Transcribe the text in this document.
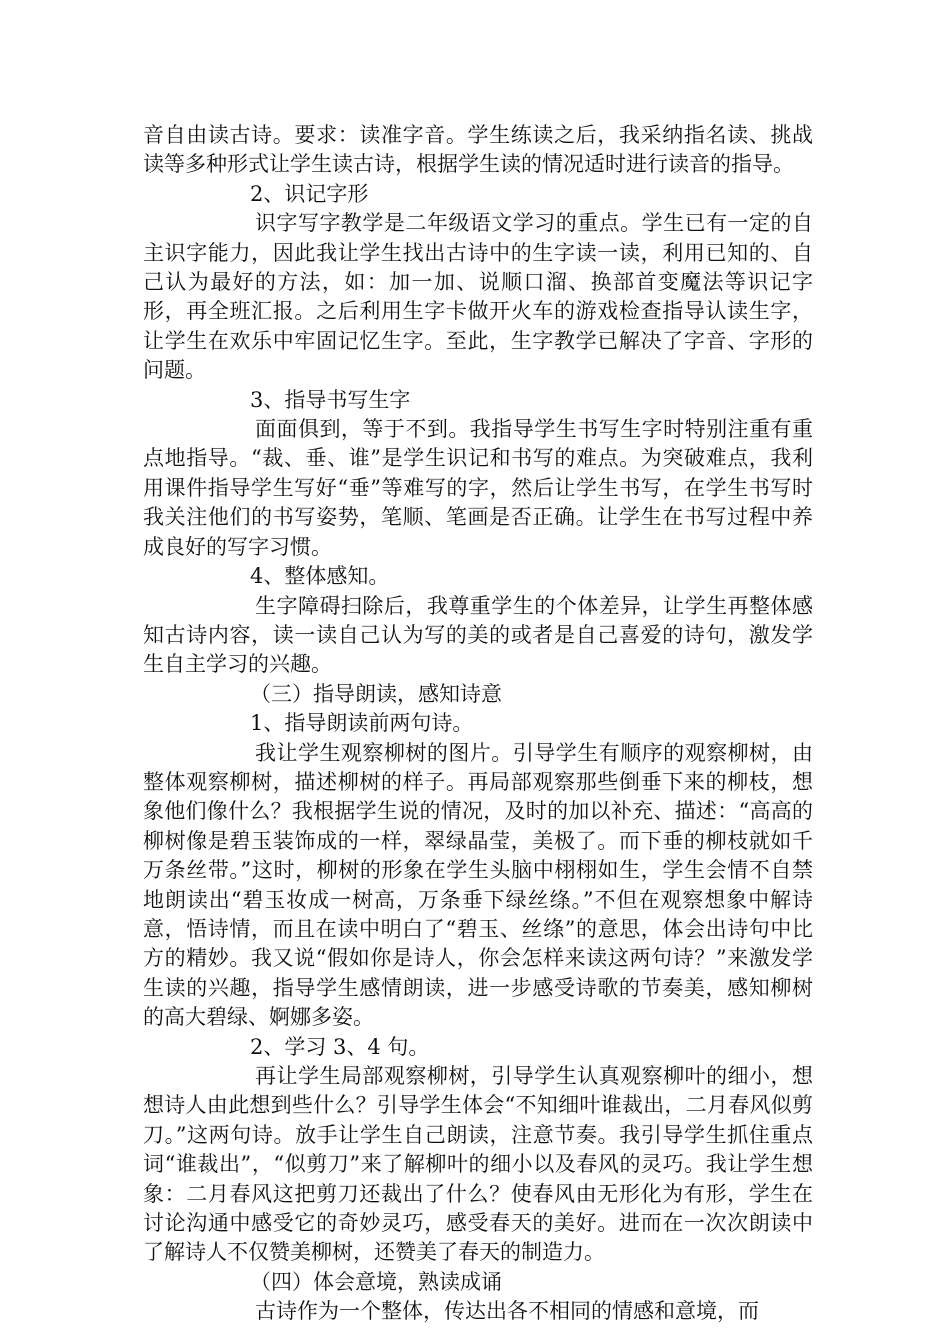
音自由读古诗。要求：读准字音。学生练读之后，我采纳指名读、挑战读等多种形式让学生读古诗，根据学生读的情况适时进行读音的指导。

2、识记字形

识字写字教学是二年级语文学习的重点。学生已有一定的自主识字能力，因此我让学生找出古诗中的生字读一读，利用已知的、自己认为最好的方法，如：加一加、说顺口溜、换部首变魔法等识记字形，再全班汇报。之后利用生字卡做开火车的游戏检查指导认读生字，让学生在欢乐中牢固记忆生字。至此，生字教学已解决了字音、字形的问题。

3、指导书写生字

面面俱到，等于不到。我指导学生书写生字时特别注重有重点地指导。“裁、垂、谁”是学生识记和书写的难点。为突破难点，我利用课件指导学生写好“垂”等难写的字，然后让学生书写，在学生书写时我关注他们的书写姿势，笔顺、笔画是否正确。让学生在书写过程中养成良好的写字习惯。

4、整体感知。

生字障碍扫除后，我尊重学生的个体差异，让学生再整体感知古诗内容，读一读自己认为写的美的或者是自己喜爱的诗句，激发学生自主学习的兴趣。

（三）指导朗读，感知诗意

1、指导朗读前两句诗。

我让学生观察柳树的图片。引导学生有顺序的观察柳树，由整体观察柳树，描述柳树的样子。再局部观察那些倒垂下来的柳枝，想象他们像什么？我根据学生说的情况，及时的加以补充、描述：“高高的柳树像是碧玉装饰成的一样，翠绿晶莹，美极了。而下垂的柳枝就如千万条丝带。”这时，柳树的形象在学生头脑中栩栩如生，学生会情不自禁地朗读出“碧玉妆成一树高，万条垂下绿丝绦。”不但在观察想象中解诗意，悟诗情，而且在读中明白了“碧玉、丝绦”的意思，体会出诗句中比方的精妙。我又说“假如你是诗人，你会怎样来读这两句诗？”来激发学生读的兴趣，指导学生感情朗读，进一步感受诗歌的节奏美，感知柳树的高大碧绿、婀娜多姿。

2、学习 3、4 句。

再让学生局部观察柳树，引导学生认真观察柳叶的细小，想想诗人由此想到些什么？引导学生体会“不知细叶谁裁出，二月春风似剪刀。”这两句诗。放手让学生自己朗读，注意节奏。我引导学生抓住重点词“谁裁出”，“似剪刀”来了解柳叶的细小以及春风的灵巧。我让学生想象：二月春风这把剪刀还裁出了什么？使春风由无形化为有形，学生在讨论沟通中感受它的奇妙灵巧，感受春天的美好。进而在一次次朗读中了解诗人不仅赞美柳树，还赞美了春天的制造力。

（四）体会意境，熟读成诵

古诗作为一个整体，传达出各不相同的情感和意境，而
